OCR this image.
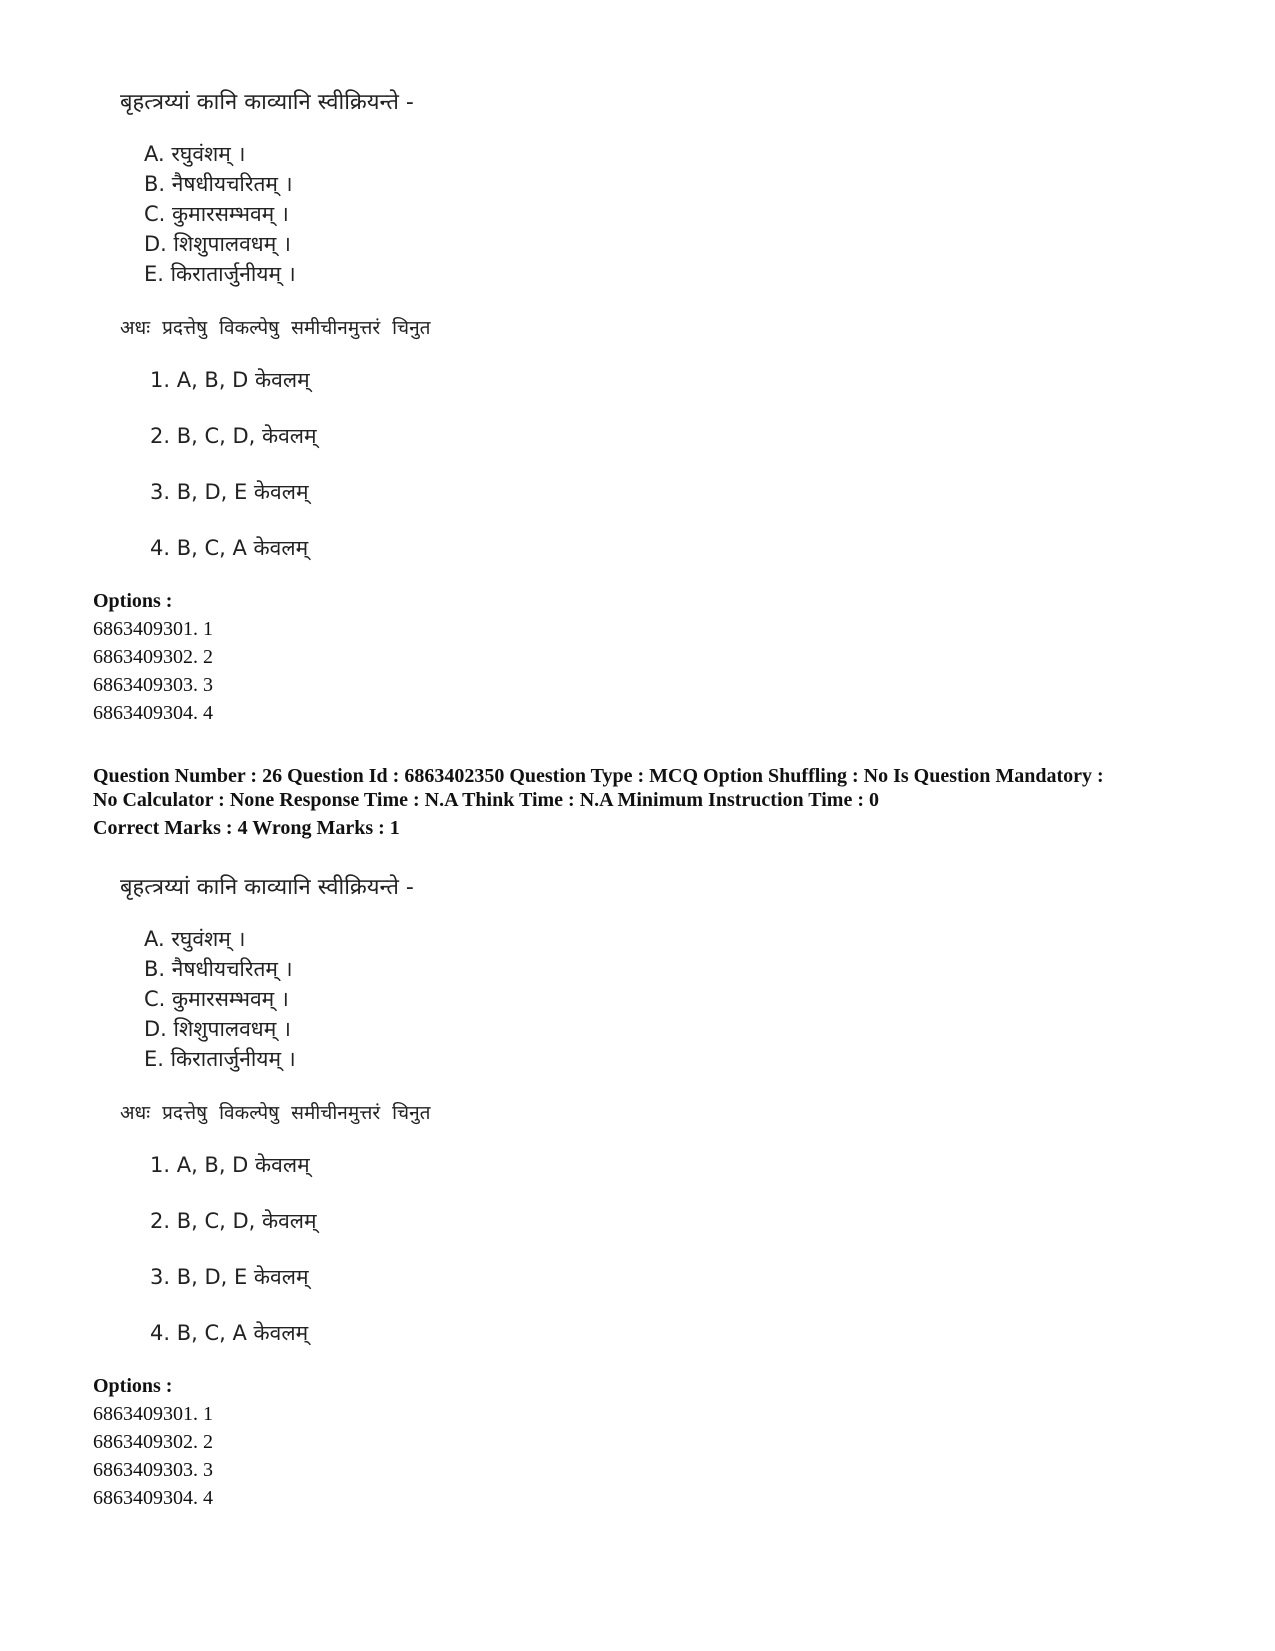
बृहत्त्रय्यां कानि काव्यानि स्वीक्रियन्ते -
A. रघुवंशम् ।
B. नैषधीयचरितम् ।
C. कुमारसम्भवम् ।
D. शिशुपालवधम् ।
E. किरातार्जुनीयम् ।
अधः प्रदत्तेषु विकल्पेषु समीचीनमुत्तरं चिनुत
1. A, B, D केवलम्
2. B, C, D, केवलम्
3. B, D, E केवलम्
4. B, C, A केवलम्
Options :
6863409301. 1
6863409302. 2
6863409303. 3
6863409304. 4
Question Number : 26 Question Id : 6863402350 Question Type : MCQ Option Shuffling : No Is Question Mandatory :
No Calculator : None Response Time : N.A Think Time : N.A Minimum Instruction Time : 0
Correct Marks : 4 Wrong Marks : 1
बृहत्त्रय्यां कानि काव्यानि स्वीक्रियन्ते -
A. रघुवंशम् ।
B. नैषधीयचरितम् ।
C. कुमारसम्भवम् ।
D. शिशुपालवधम् ।
E. किरातार्जुनीयम् ।
अधः प्रदत्तेषु विकल्पेषु समीचीनमुत्तरं चिनुत
1. A, B, D केवलम्
2. B, C, D, केवलम्
3. B, D, E केवलम्
4. B, C, A केवलम्
Options :
6863409301. 1
6863409302. 2
6863409303. 3
6863409304. 4
